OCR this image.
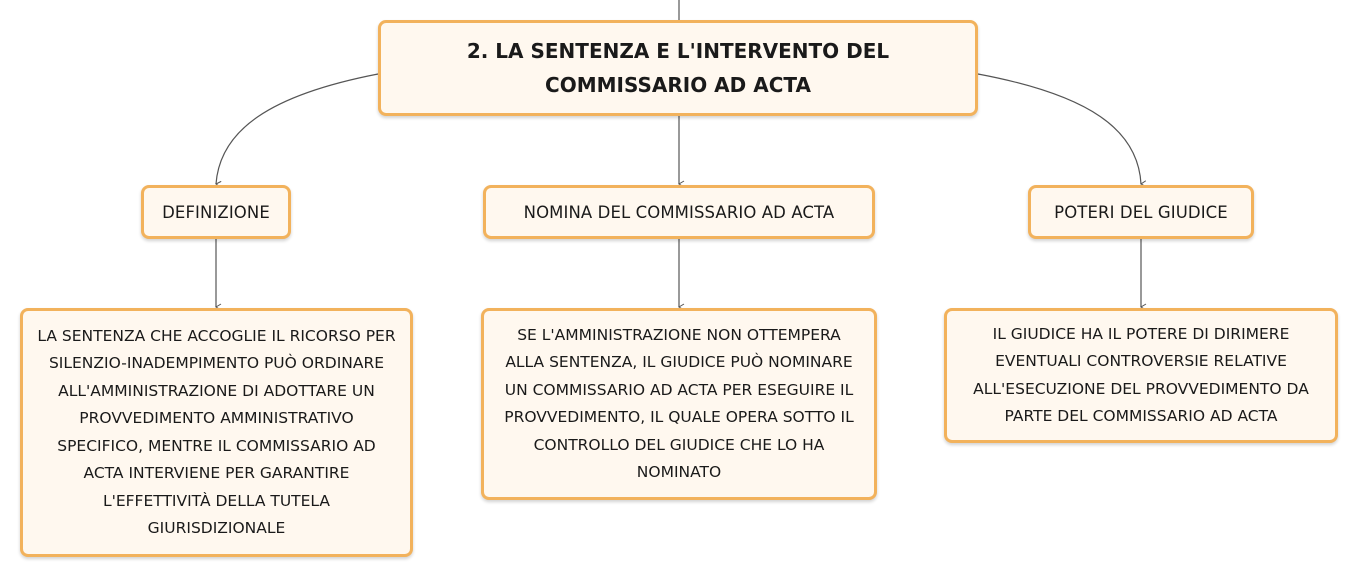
2. LA SENTENZA E L'INTERVENTO DEL COMMISSARIO AD ACTA
DEFINIZIONE	NOMINA DEL COMMISSARIO AD ACTA	POTERI DEL GIUDICE
LA SENTENZA CHE ACCOGLIE IL RICORSO PER SILENZIO-INADEMPIMENTO PUÒ ORDINARE ALL'AMMINISTRAZIONE DI ADOTTARE UN PROVVEDIMENTO AMMINISTRATIVO SPECIFICO, MENTRE IL COMMISSARIO AD ACTA INTERVIENE PER GARANTIRE L'EFFETTIVITÀ DELLA TUTELA GIURISDIZIONALE
SE L'AMMINISTRAZIONE NON OTTEMPERA ALLA SENTENZA, IL GIUDICE PUÒ NOMINARE UN COMMISSARIO AD ACTA PER ESEGUIRE IL PROVVEDIMENTO, IL QUALE OPERA SOTTO IL CONTROLLO DEL GIUDICE CHE LO HA NOMINATO
IL GIUDICE HA IL POTERE DI DIRIMERE EVENTUALI CONTROVERSIE RELATIVE ALL'ESECUZIONE DEL PROVVEDIMENTO DA PARTE DEL COMMISSARIO AD ACTA
